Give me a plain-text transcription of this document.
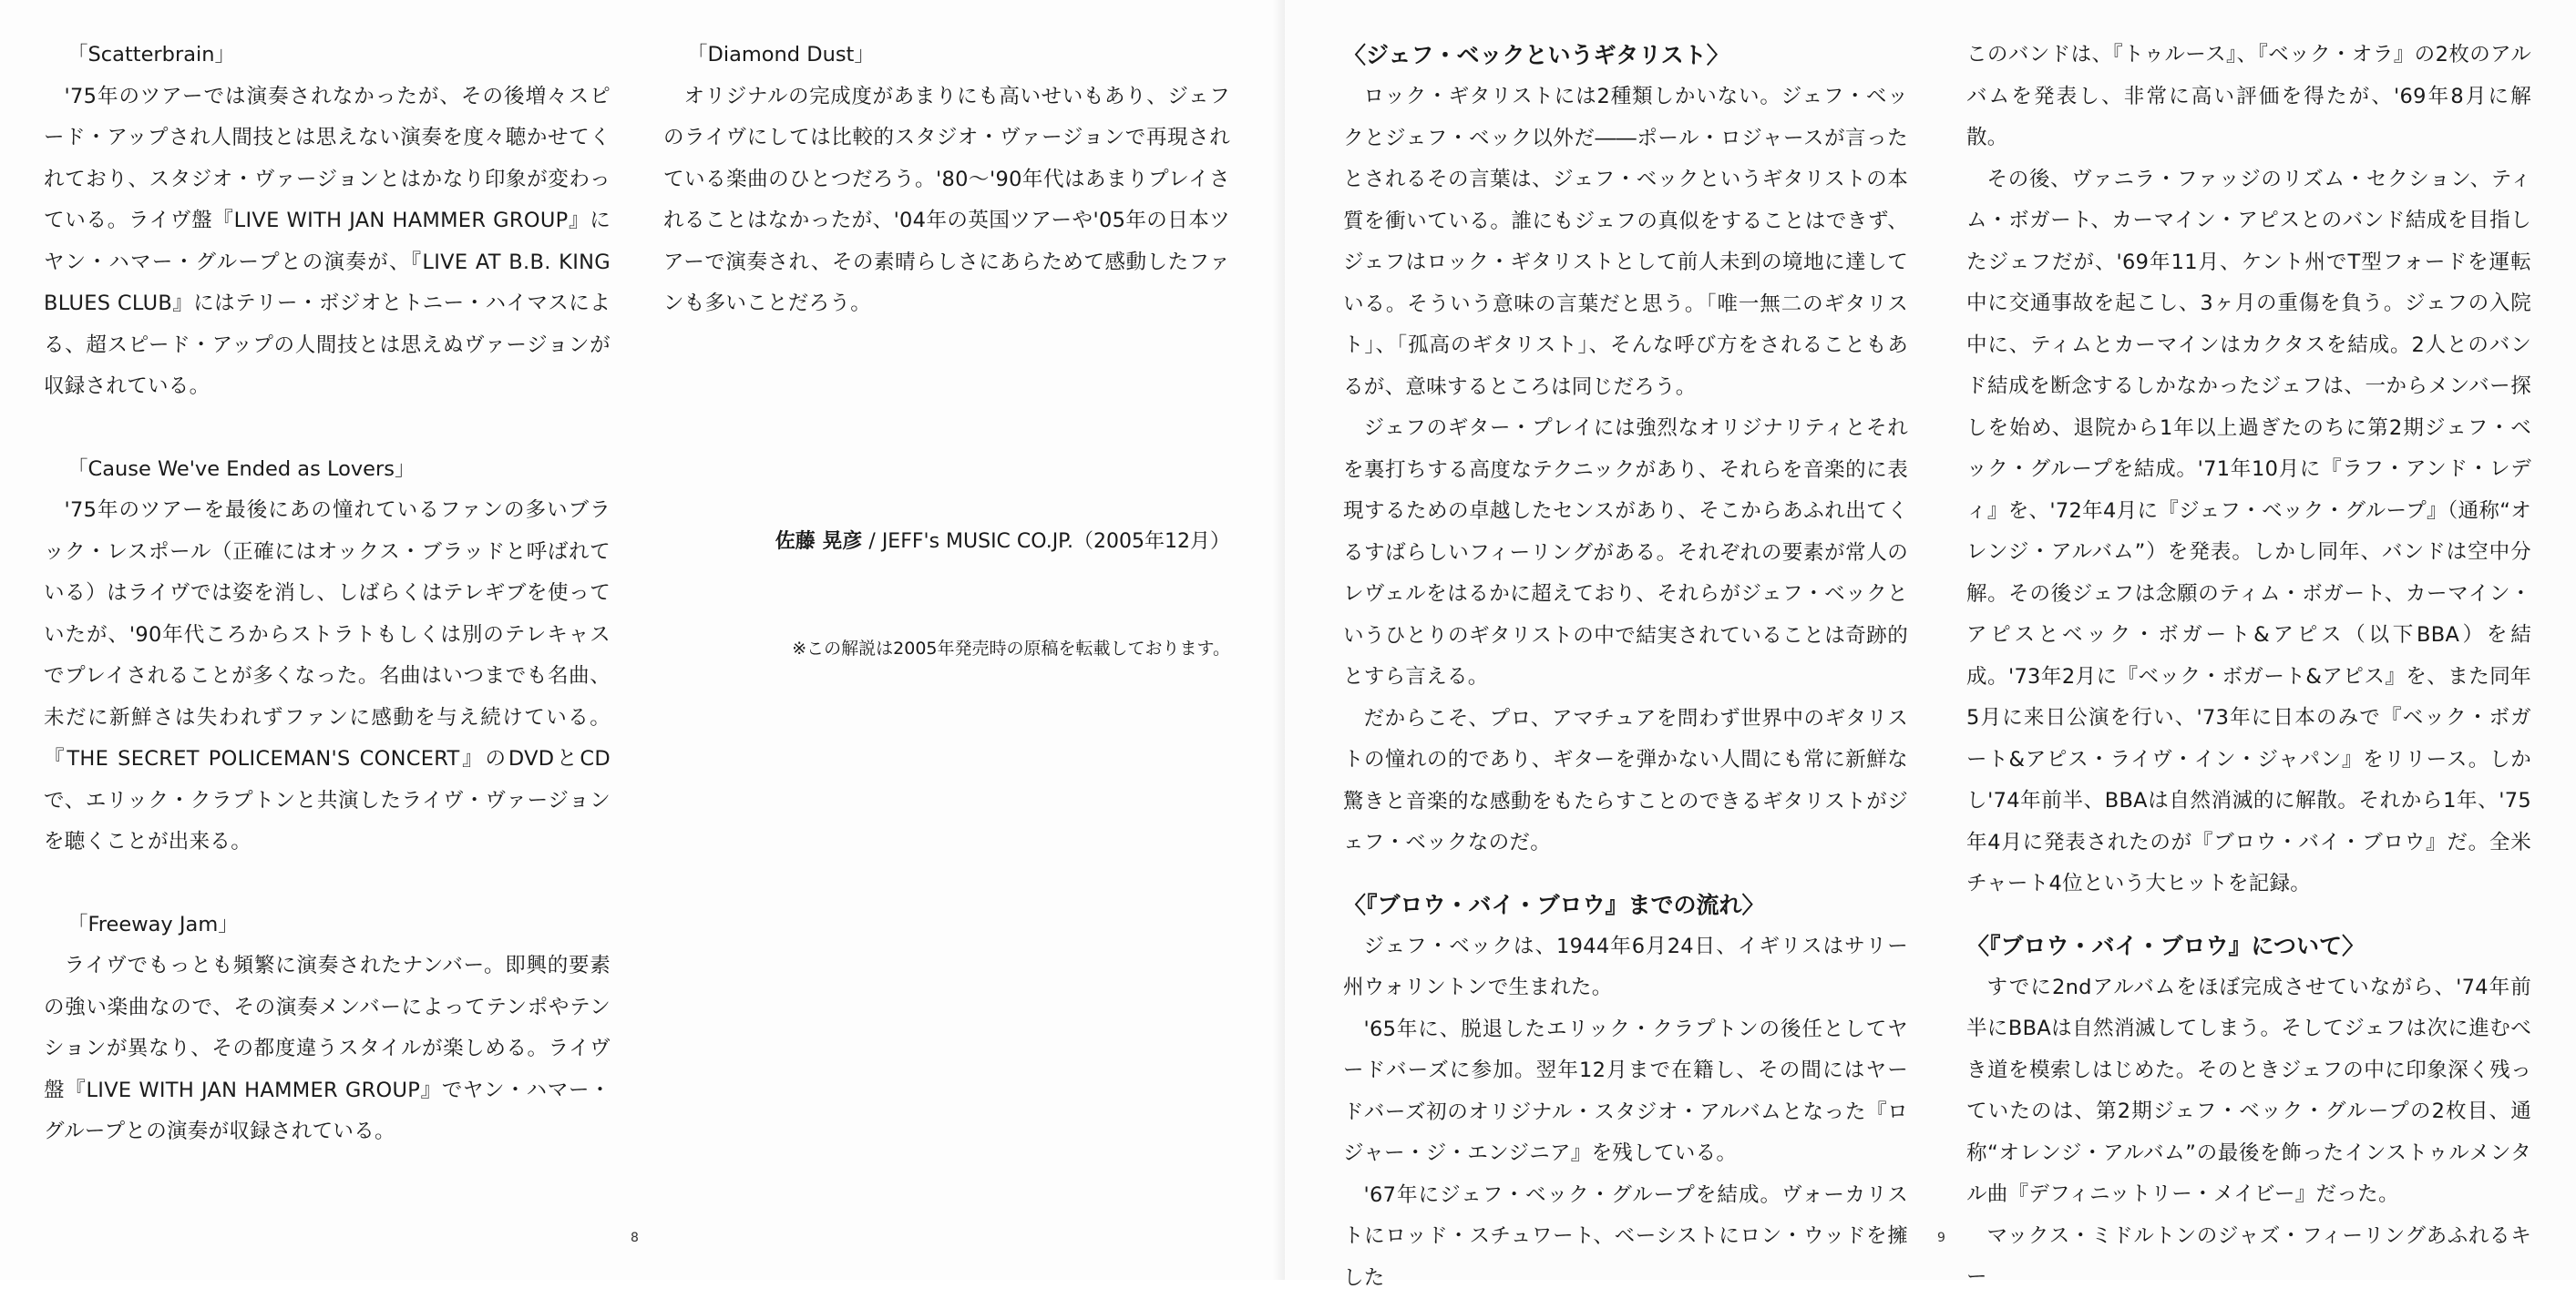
「Scatterbrain」

'75年のツアーでは演奏されなかったが、その後増々スピード・アップされ人間技とは思えない演奏を度々聴かせてくれており、スタジオ・ヴァージョンとはかなり印象が変わっている。ライヴ盤『LIVE WITH JAN HAMMER GROUP』にヤン・ハマー・グループとの演奏が、『LIVE AT B.B. KING BLUES CLUB』にはテリー・ボジオとトニー・ハイマスによる、超スピード・アップの人間技とは思えぬヴァージョンが収録されている。

「Cause We've Ended as Lovers」

'75年のツアーを最後にあの憧れているファンの多いブラック・レスポール（正確にはオックス・ブラッドと呼ばれている）はライヴでは姿を消し、しばらくはテレギブを使っていたが、'90年代ころからストラトもしくは別のテレキャスでプレイされることが多くなった。名曲はいつまでも名曲、未だに新鮮さは失われずファンに感動を与え続けている。『THE SECRET POLICEMAN'S CONCERT』のDVDとCDで、エリック・クラプトンと共演したライヴ・ヴァージョンを聴くことが出来る。

「Freeway Jam」

ライヴでもっとも頻繁に演奏されたナンバー。即興的要素の強い楽曲なので、その演奏メンバーによってテンポやテンションが異なり、その都度違うスタイルが楽しめる。ライヴ盤『LIVE WITH JAN HAMMER GROUP』でヤン・ハマー・グループとの演奏が収録されている。

「Diamond Dust」

オリジナルの完成度があまりにも高いせいもあり、ジェフのライヴにしては比較的スタジオ・ヴァージョンで再現されている楽曲のひとつだろう。'80〜'90年代はあまりプレイされることはなかったが、'04年の英国ツアーや'05年の日本ツアーで演奏され、その素晴らしさにあらためて感動したファンも多いことだろう。

佐藤 晃彦 / JEFF's MUSIC CO.JP.（2005年12月）

※この解説は2005年発売時の原稿を転載しております。

8

〈ジェフ・ベックというギタリスト〉

ロック・ギタリストには2種類しかいない。ジェフ・ベックとジェフ・ベック以外だ――ポール・ロジャースが言ったとされるその言葉は、ジェフ・ベックというギタリストの本質を衝いている。誰にもジェフの真似をすることはできず、ジェフはロック・ギタリストとして前人未到の境地に達している。そういう意味の言葉だと思う。「唯一無二のギタリスト」、「孤高のギタリスト」、そんな呼び方をされることもあるが、意味するところは同じだろう。

ジェフのギター・プレイには強烈なオリジナリティとそれを裏打ちする高度なテクニックがあり、それらを音楽的に表現するための卓越したセンスがあり、そこからあふれ出てくるすばらしいフィーリングがある。それぞれの要素が常人のレヴェルをはるかに超えており、それらがジェフ・ベックというひとりのギタリストの中で結実されていることは奇跡的とすら言える。

だからこそ、プロ、アマチュアを問わず世界中のギタリストの憧れの的であり、ギターを弾かない人間にも常に新鮮な驚きと音楽的な感動をもたらすことのできるギタリストがジェフ・ベックなのだ。

〈『ブロウ・バイ・ブロウ』までの流れ〉

ジェフ・ベックは、1944年6月24日、イギリスはサリー州ウォリントンで生まれた。

'65年に、脱退したエリック・クラプトンの後任としてヤードバーズに参加。翌年12月まで在籍し、その間にはヤードバーズ初のオリジナル・スタジオ・アルバムとなった『ロジャー・ジ・エンジニア』を残している。

'67年にジェフ・ベック・グループを結成。ヴォーカリストにロッド・スチュワート、ベーシストにロン・ウッドを擁した

このバンドは、『トゥルース』、『ベック・オラ』の2枚のアルバムを発表し、非常に高い評価を得たが、'69年8月に解散。

その後、ヴァニラ・ファッジのリズム・セクション、ティム・ボガート、カーマイン・アピスとのバンド結成を目指したジェフだが、'69年11月、ケント州でT型フォードを運転中に交通事故を起こし、3ヶ月の重傷を負う。ジェフの入院中に、ティムとカーマインはカクタスを結成。2人とのバンド結成を断念するしかなかったジェフは、一からメンバー探しを始め、退院から1年以上過ぎたのちに第2期ジェフ・ベック・グループを結成。'71年10月に『ラフ・アンド・レディ』を、'72年4月に『ジェフ・ベック・グループ』（通称“オレンジ・アルバム”）を発表。しかし同年、バンドは空中分解。その後ジェフは念願のティム・ボガート、カーマイン・アピスとベック・ボガート&アピス（以下BBA）を結成。'73年2月に『ベック・ボガート&アピス』を、また同年5月に来日公演を行い、'73年に日本のみで『ベック・ボガート&アピス・ライヴ・イン・ジャパン』をリリース。しかし'74年前半、BBAは自然消滅的に解散。それから1年、'75年4月に発表されたのが『ブロウ・バイ・ブロウ』だ。全米チャート4位という大ヒットを記録。

〈『ブロウ・バイ・ブロウ』について〉

すでに2ndアルバムをほぼ完成させていながら、'74年前半にBBAは自然消滅してしまう。そしてジェフは次に進むべき道を模索しはじめた。そのときジェフの中に印象深く残っていたのは、第2期ジェフ・ベック・グループの2枚目、通称“オレンジ・アルバム”の最後を飾ったインストゥルメンタル曲『デフィニットリー・メイビー』だった。

マックス・ミドルトンのジャズ・フィーリングあふれるキー

9
